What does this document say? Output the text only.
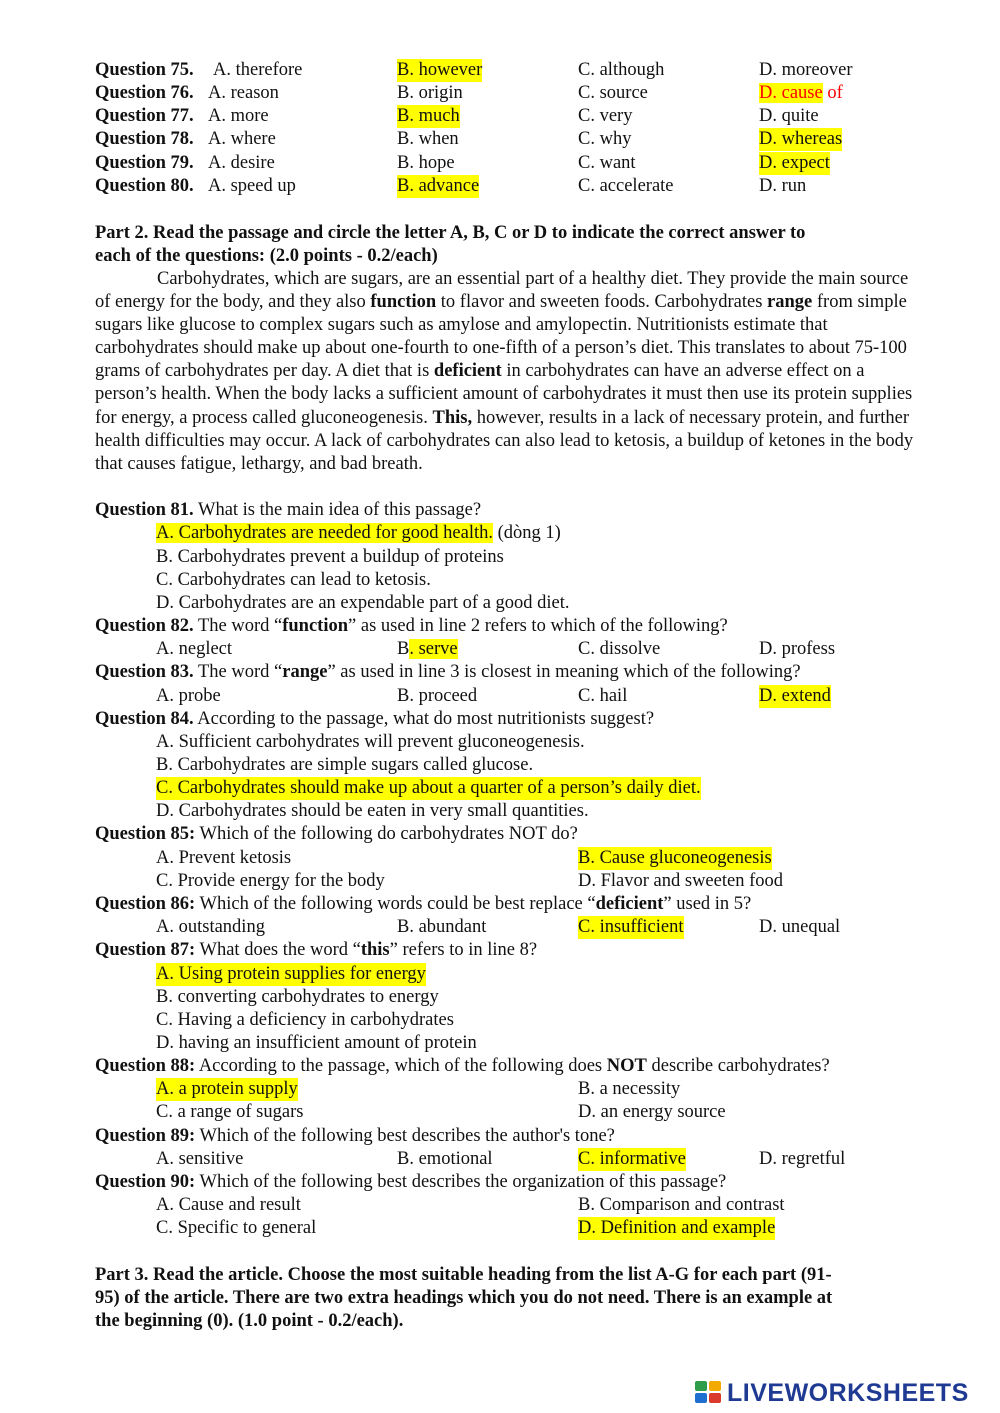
Question 75. A. therefore	B. however	C. although	D. moreover
Question 76. A. reason	B. origin	C. source	D. cause of
Question 77. A. more	B. much	C. very	D. quite
Question 78. A. where	B. when	C. why	D. whereas
Question 79. A. desire	B. hope	C. want	D. expect
Question 80. A. speed up	B. advance	C. accelerate	D. run
Part 2. Read the passage and circle the letter A, B, C or D to indicate the correct answer to
each of the questions: (2.0 points - 0.2/each)
Carbohydrates, which are sugars, are an essential part of a healthy diet. They provide the main source of energy for the body, and they also function to flavor and sweeten foods. Carbohydrates range from simple sugars like glucose to complex sugars such as amylose and amylopectin. Nutritionists estimate that carbohydrates should make up about one-fourth to one-fifth of a person’s diet. This translates to about 75-100 grams of carbohydrates per day. A diet that is deficient in carbohydrates can have an adverse effect on a person’s health. When the body lacks a sufficient amount of carbohydrates it must then use its protein supplies for energy, a process called gluconeogenesis. This, however, results in a lack of necessary protein, and further health difficulties may occur. A lack of carbohydrates can also lead to ketosis, a buildup of ketones in the body that causes fatigue, lethargy, and bad breath.
Question 81. What is the main idea of this passage?
A. Carbohydrates are needed for good health. (dòng 1)
B. Carbohydrates prevent a buildup of proteins
C. Carbohydrates can lead to ketosis.
D. Carbohydrates are an expendable part of a good diet.
Question 82. The word “function” as used in line 2 refers to which of the following?
A. neglect	B. serve	C. dissolve	D. profess
Question 83. The word “range” as used in line 3 is closest in meaning which of the following?
A. probe	B. proceed	C. hail	D. extend
Question 84. According to the passage, what do most nutritionists suggest?
A. Sufficient carbohydrates will prevent gluconeogenesis.
B. Carbohydrates are simple sugars called glucose.
C. Carbohydrates should make up about a quarter of a person’s daily diet.
D. Carbohydrates should be eaten in very small quantities.
Question 85: Which of the following do carbohydrates NOT do?
A. Prevent ketosis	B. Cause gluconeogenesis
C. Provide energy for the body	D. Flavor and sweeten food
Question 86: Which of the following words could be best replace “deficient” used in 5?
A. outstanding	B. abundant	C. insufficient	D. unequal
Question 87: What does the word “this” refers to in line 8?
A. Using protein supplies for energy
B. converting carbohydrates to energy
C. Having a deficiency in carbohydrates
D. having an insufficient amount of protein
Question 88: According to the passage, which of the following does NOT describe carbohydrates?
A. a protein supply	B. a necessity
C. a range of sugars	D. an energy source
Question 89: Which of the following best describes the author's tone?
A. sensitive	B. emotional	C. informative	D. regretful
Question 90: Which of the following best describes the organization of this passage?
A. Cause and result	B. Comparison and contrast
C. Specific to general	D. Definition and example
Part 3. Read the article. Choose the most suitable heading from the list A-G for each part (91-
95) of the article. There are two extra headings which you do not need. There is an example at
the beginning (0). (1.0 point - 0.2/each).
LIVEWORKSHEETS
